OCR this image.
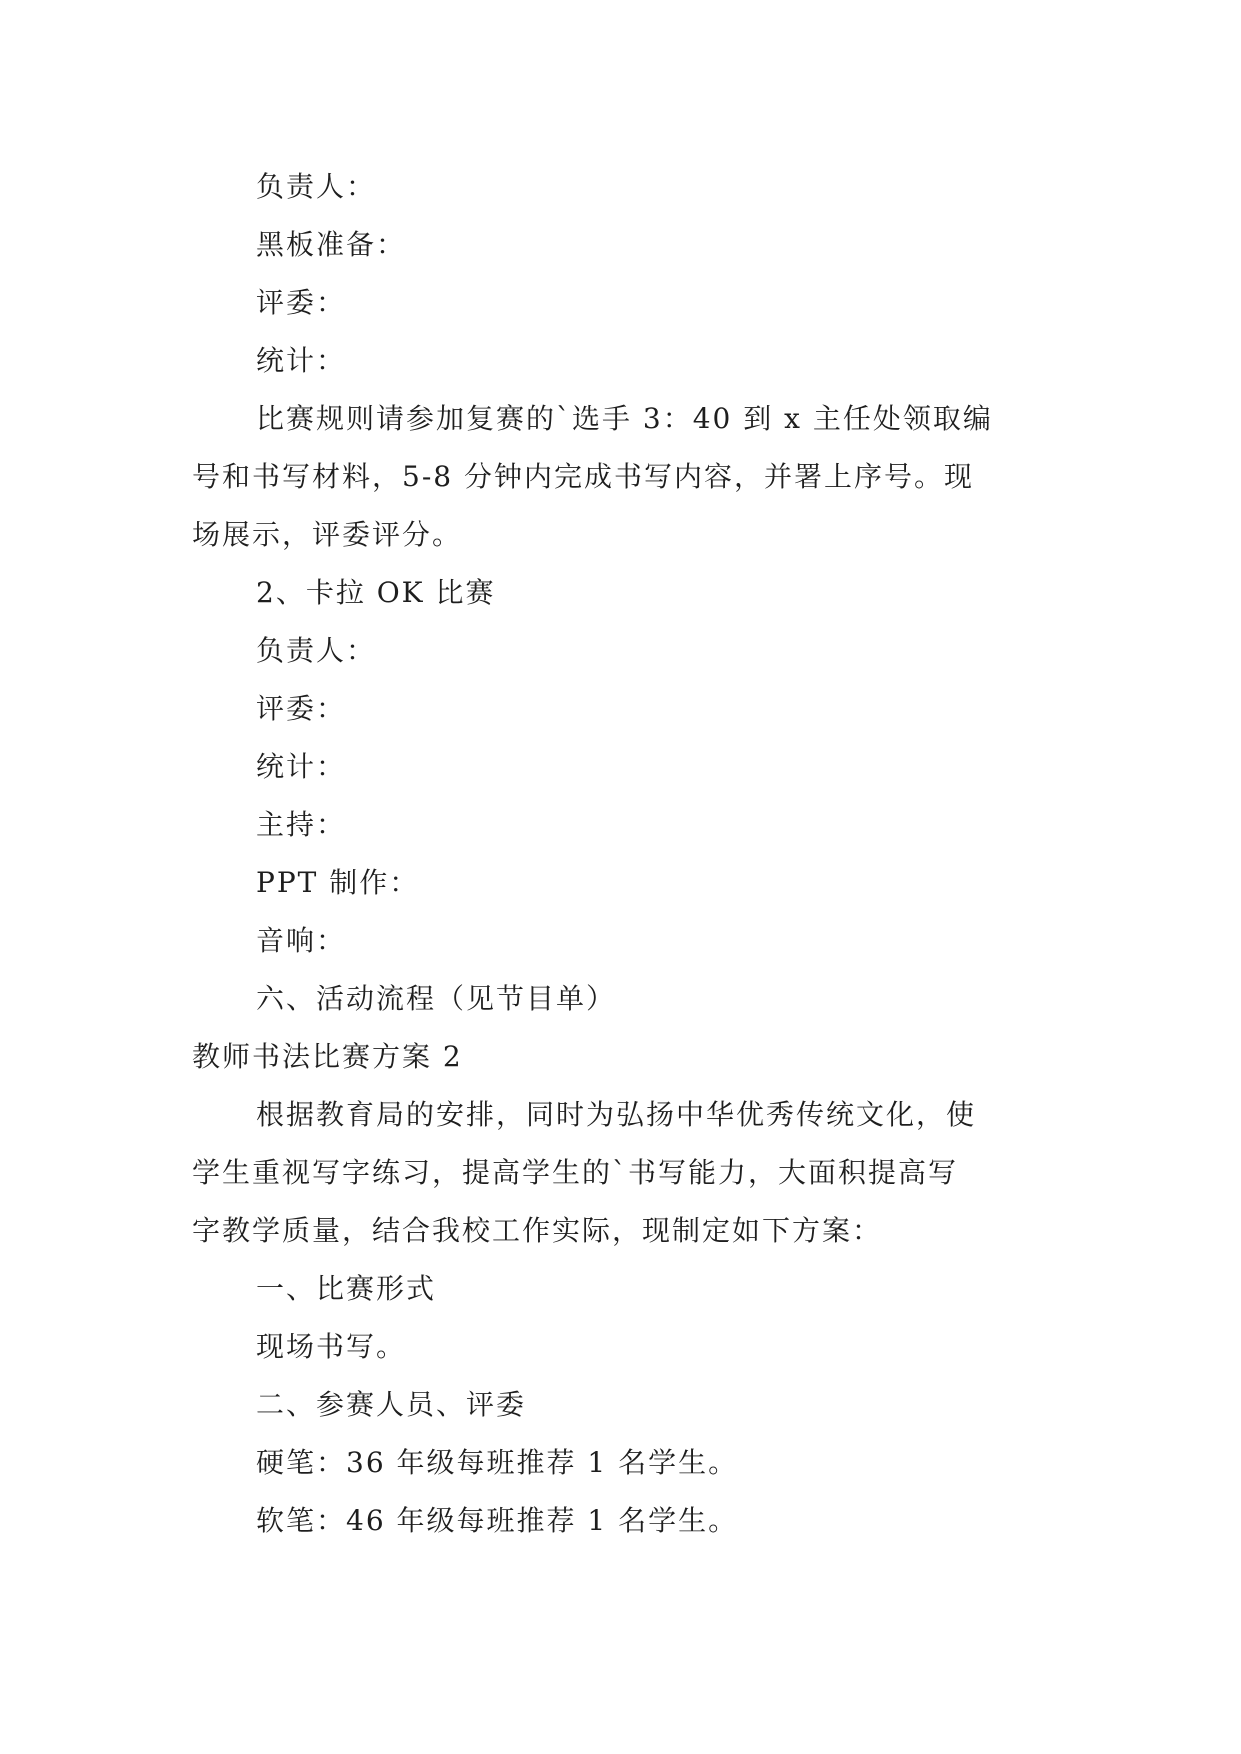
负责人：

黑板准备：

评委：

统计：

比赛规则请参加复赛的`选手 3：40 到 x 主任处领取编

号和书写材料，5-8 分钟内完成书写内容，并署上序号。现

场展示，评委评分。

2、卡拉 OK 比赛

负责人：

评委：

统计：

主持：

PPT 制作：

音响：

六、活动流程（见节目单）

教师书法比赛方案 2

根据教育局的安排，同时为弘扬中华优秀传统文化，使

学生重视写字练习，提高学生的`书写能力，大面积提高写

字教学质量，结合我校工作实际，现制定如下方案：

一、比赛形式

现场书写。

二、参赛人员、评委

硬笔：36 年级每班推荐 1 名学生。

软笔：46 年级每班推荐 1 名学生。
